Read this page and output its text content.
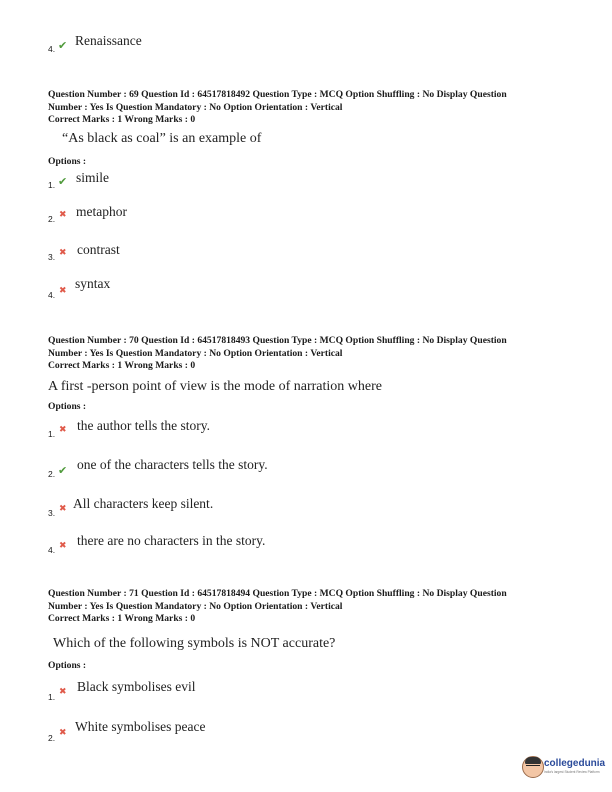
4. ✔ Renaissance
Question Number : 69 Question Id : 64517818492 Question Type : MCQ Option Shuffling : No Display Question
Number : Yes Is Question Mandatory : No Option Orientation : Vertical
Correct Marks : 1 Wrong Marks : 0
“As black as coal” is an example of
Options :
1. ✔ simile
2. ✖ metaphor
3. ✖ contrast
4. ✖ syntax
Question Number : 70 Question Id : 64517818493 Question Type : MCQ Option Shuffling : No Display Question
Number : Yes Is Question Mandatory : No Option Orientation : Vertical
Correct Marks : 1 Wrong Marks : 0
A first -person point of view is the mode of narration where
Options :
1. ✖ the author tells the story.
2. ✔ one of the characters tells the story.
3. ✖ All characters keep silent.
4. ✖ there are no characters in the story.
Question Number : 71 Question Id : 64517818494 Question Type : MCQ Option Shuffling : No Display Question
Number : Yes Is Question Mandatory : No Option Orientation : Vertical
Correct Marks : 1 Wrong Marks : 0
Which of the following symbols is NOT accurate?
Options :
1. ✖ Black symbolises evil
2. ✖ White symbolises peace
collegedunia
India's largest Student Review Platform
